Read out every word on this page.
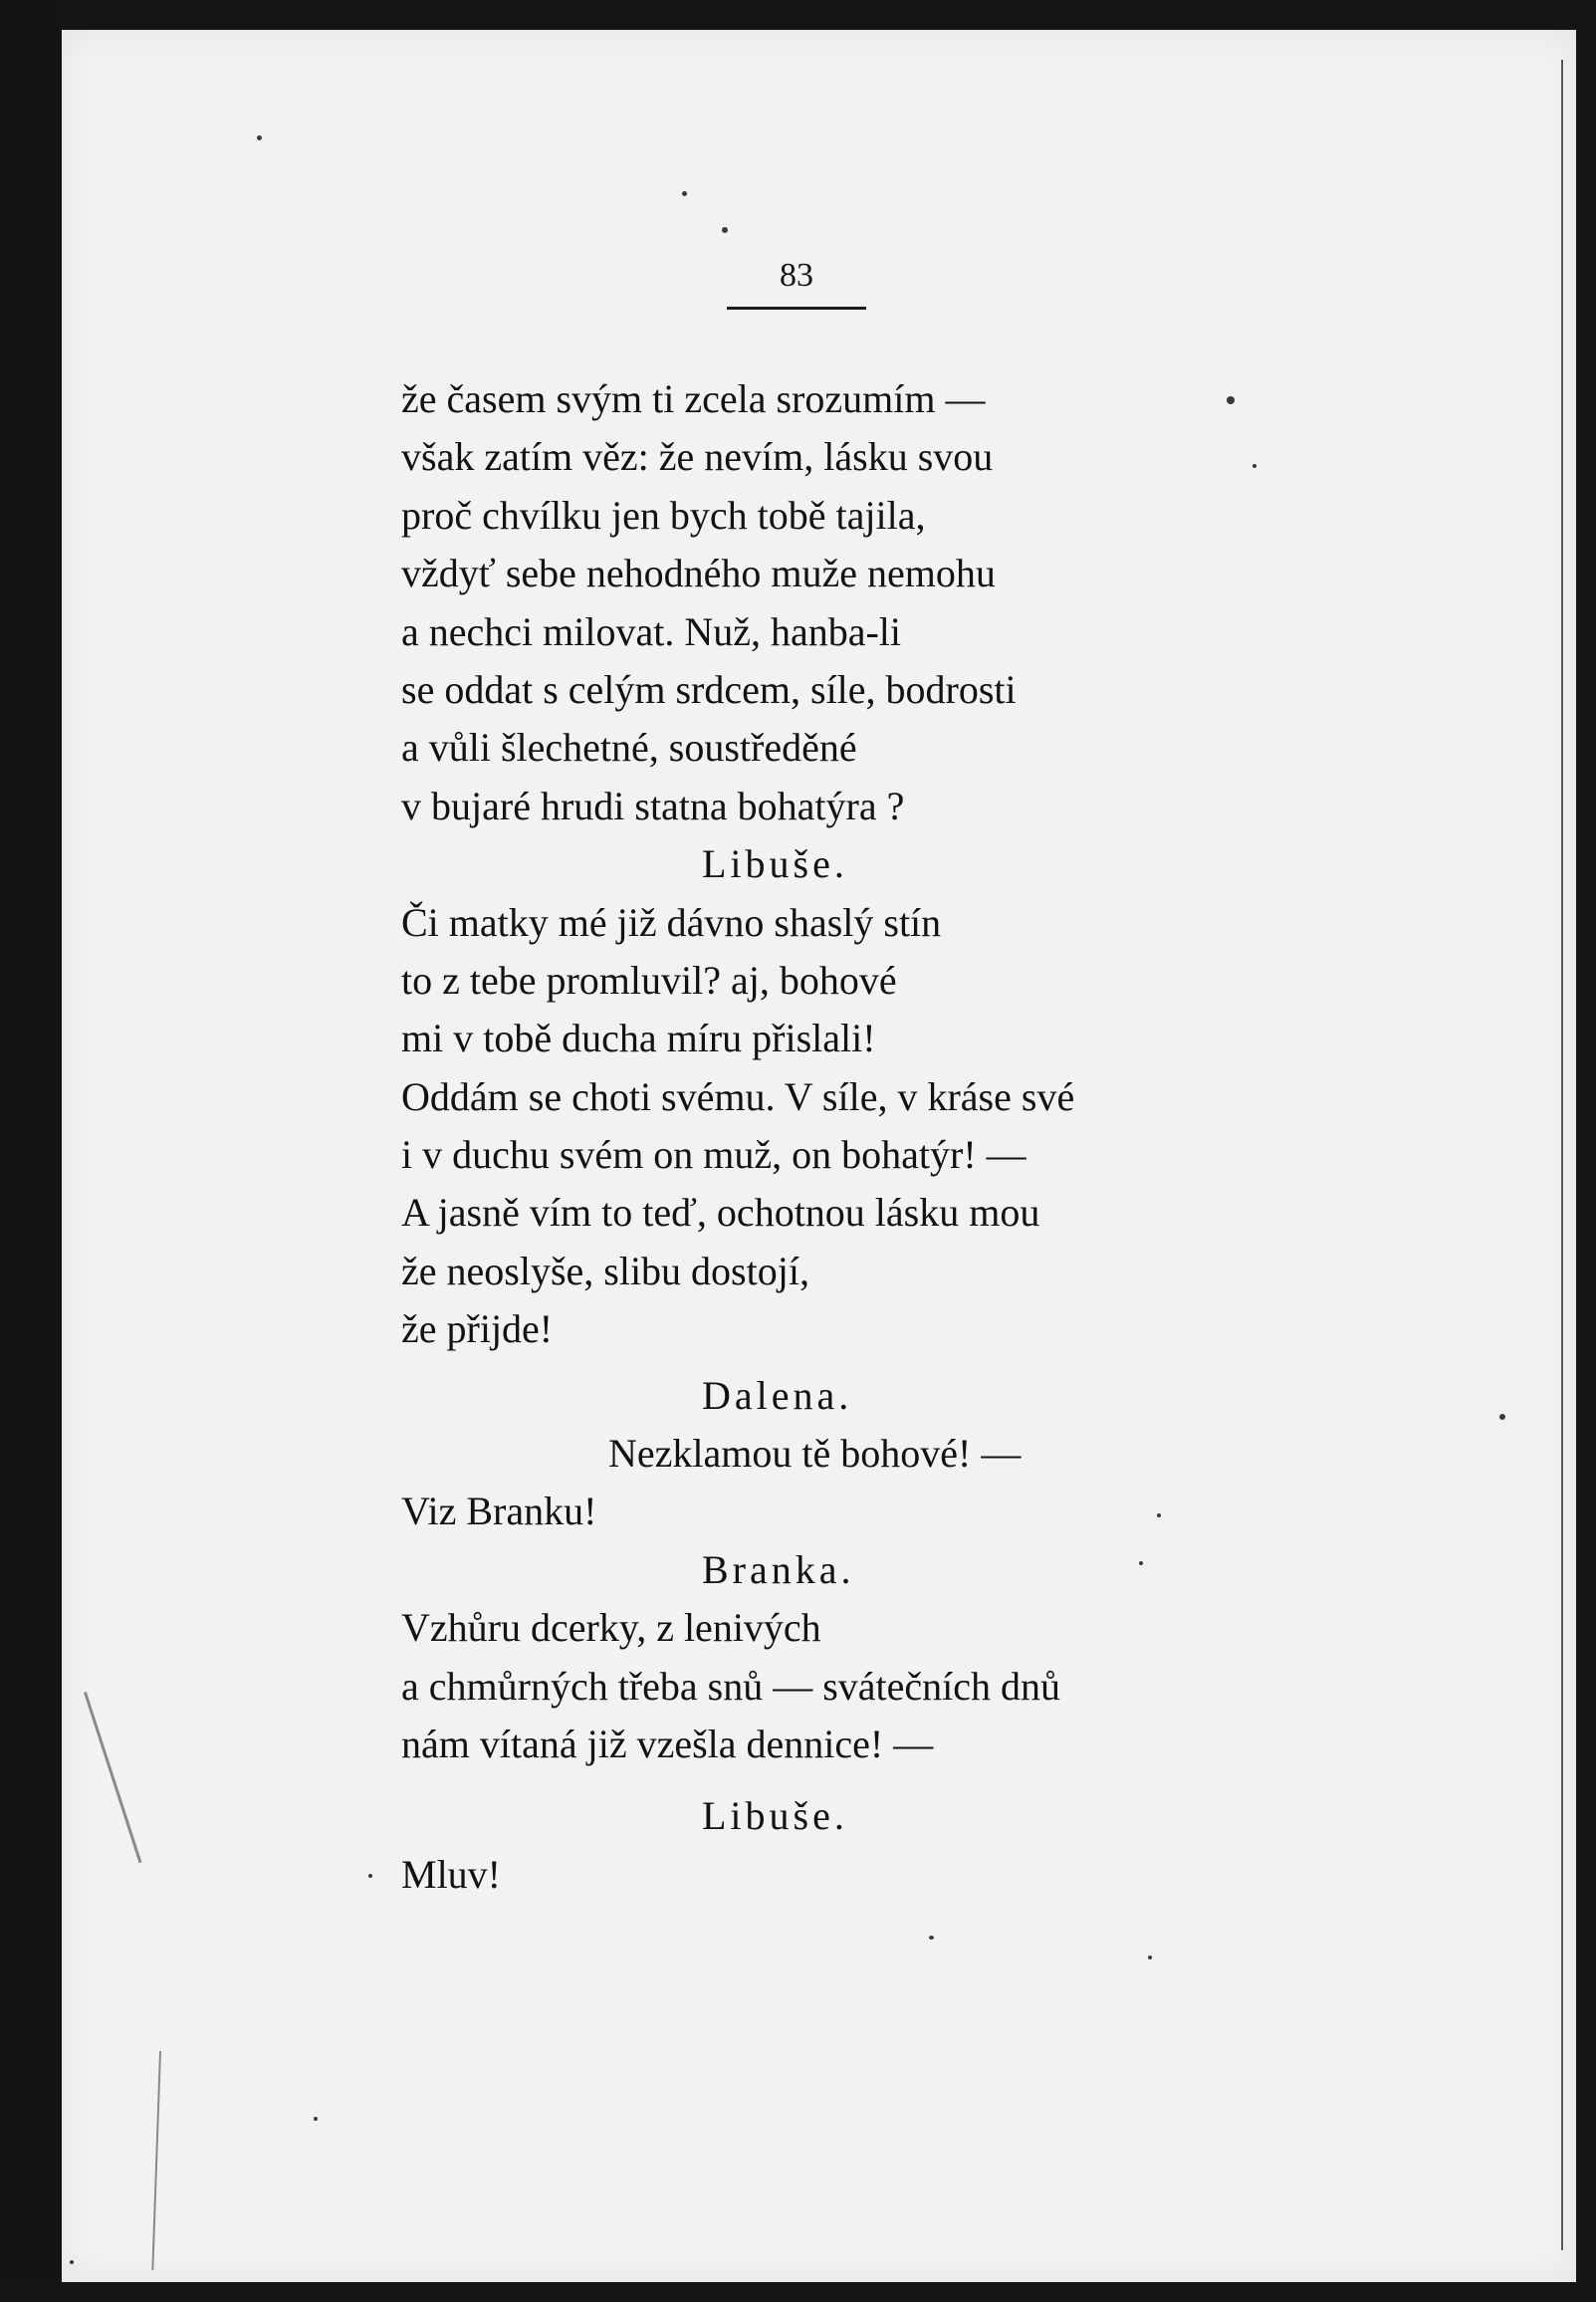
83
že časem svým ti zcela srozumím —
však zatím věz: že nevím, lásku svou
proč chvílku jen bych tobě tajila,
vždyť sebe nehodného muže nemohu
a nechci milovat. Nuž, hanba-li
se oddat s celým srdcem, síle, bodrosti
a vůli šlechetné, soustředěné
v bujaré hrudi statna bohatýra ?
Libuše.
Či matky mé již dávno shaslý stín
to z tebe promluvil? aj, bohové
mi v tobě ducha míru přislali!
Oddám se choti svému. V síle, v kráse své
i v duchu svém on muž, on bohatýr! —
A jasně vím to teď, ochotnou lásku mou
že neoslyše, slibu dostojí,
že přijde!
Dalena.
Nezklamou tě bohové! —
Viz Branku!
Branka.
Vzhůru dcerky, z lenivých
a chmůrných třeba snů — svátečních dnů
nám vítaná již vzešla dennice! —
Libuše.
Mluv!
